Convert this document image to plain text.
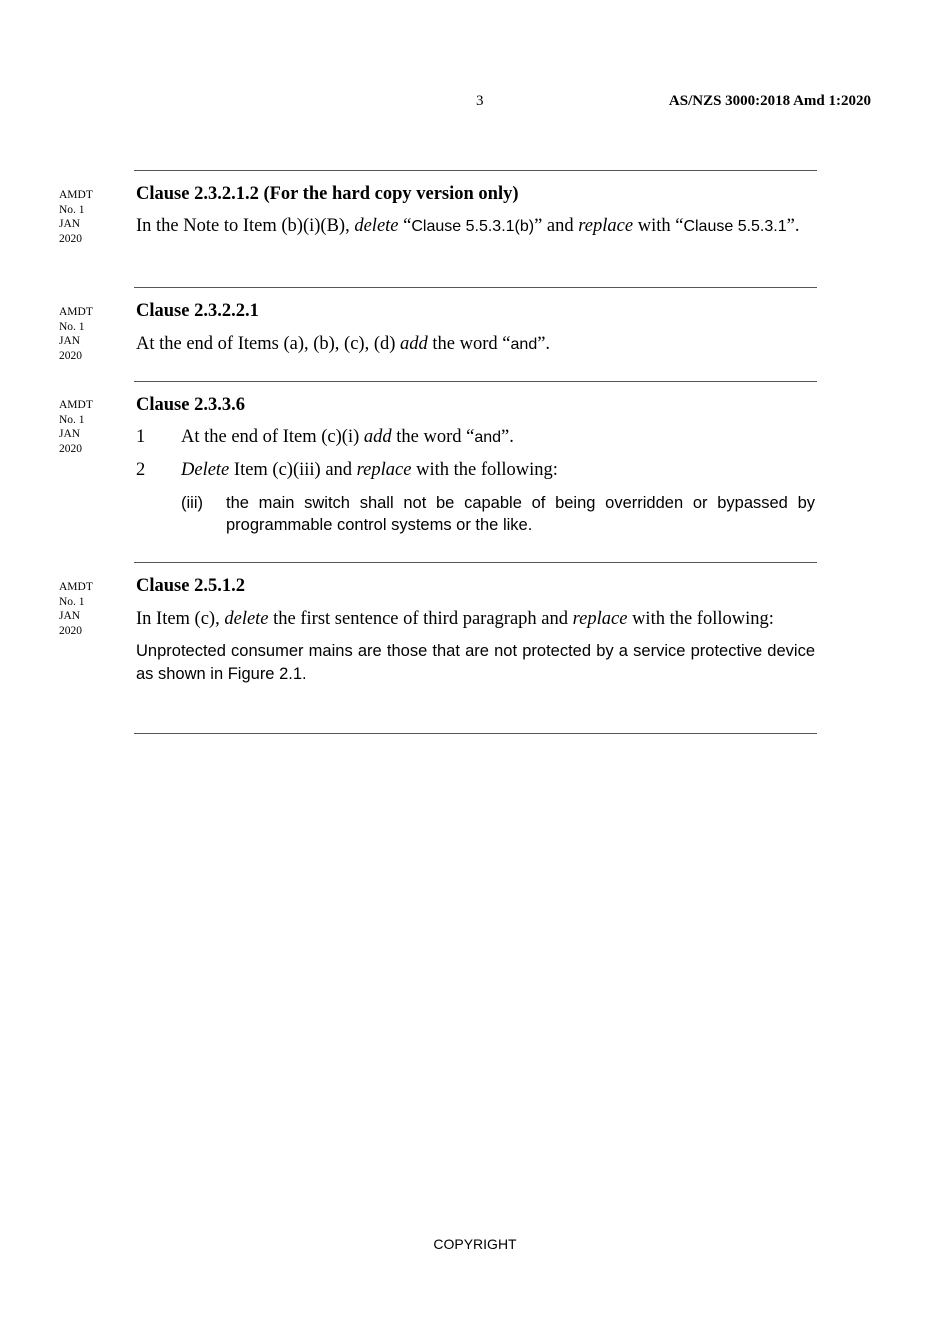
3	AS/NZS 3000:2018 Amd 1:2020
AMDT
No. 1
JAN
2020
AMDT
No. 1
JAN
2020
AMDT
No. 1
JAN
2020
AMDT
No. 1
JAN
2020
Clause 2.3.2.1.2 (For the hard copy version only)

In the Note to Item (b)(i)(B), delete “Clause 5.5.3.1(b)” and replace with “Clause 5.5.3.1”.

Clause 2.3.2.2.1

At the end of Items (a), (b), (c), (d) add the word “and”.

Clause 2.3.3.6
1	At the end of Item (c)(i) add the word “and”.
2	Delete Item (c)(iii) and replace with the following:
(iii)	the main switch shall not be capable of being overridden or bypassed by programmable control systems or the like.
Clause 2.5.1.2

In Item (c), delete the first sentence of third paragraph and replace with the following:

Unprotected consumer mains are those that are not protected by a service protective device as shown in Figure 2.1.

COPYRIGHT
